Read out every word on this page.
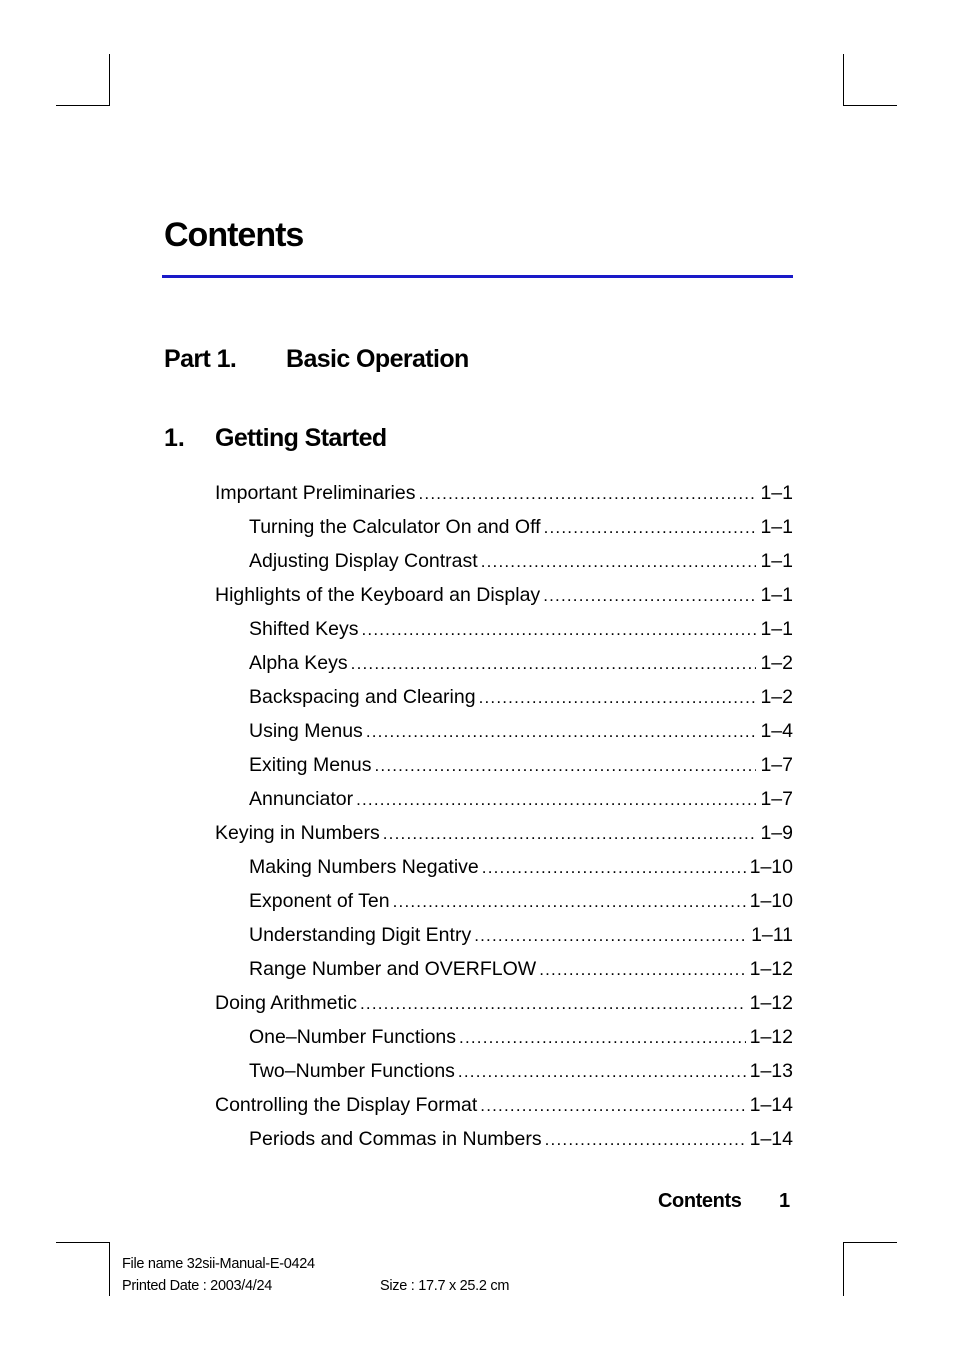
Contents
Part 1. Basic Operation
1. Getting Started
Important Preliminaries .....	1–1
Turning the Calculator On and Off .....	1–1
Adjusting Display Contrast .....	1–1
Highlights of the Keyboard an Display .....	1–1
Shifted Keys .....	1–1
Alpha Keys .....	1–2
Backspacing and Clearing .....	1–2
Using Menus .....	1–4
Exiting Menus .....	1–7
Annunciator .....	1–7
Keying in Numbers .....	1–9
Making Numbers Negative .....	1–10
Exponent of Ten .....	1–10
Understanding Digit Entry .....	1–11
Range Number and OVERFLOW .....	1–12
Doing Arithmetic .....	1–12
One–Number Functions .....	1–12
Two–Number Functions .....	1–13
Controlling the Display Format .....	1–14
Periods and Commas in Numbers .....	1–14
Contents 1
File name 32sii-Manual-E-0424
Printed Date : 2003/4/24	Size : 17.7 x 25.2 cm
